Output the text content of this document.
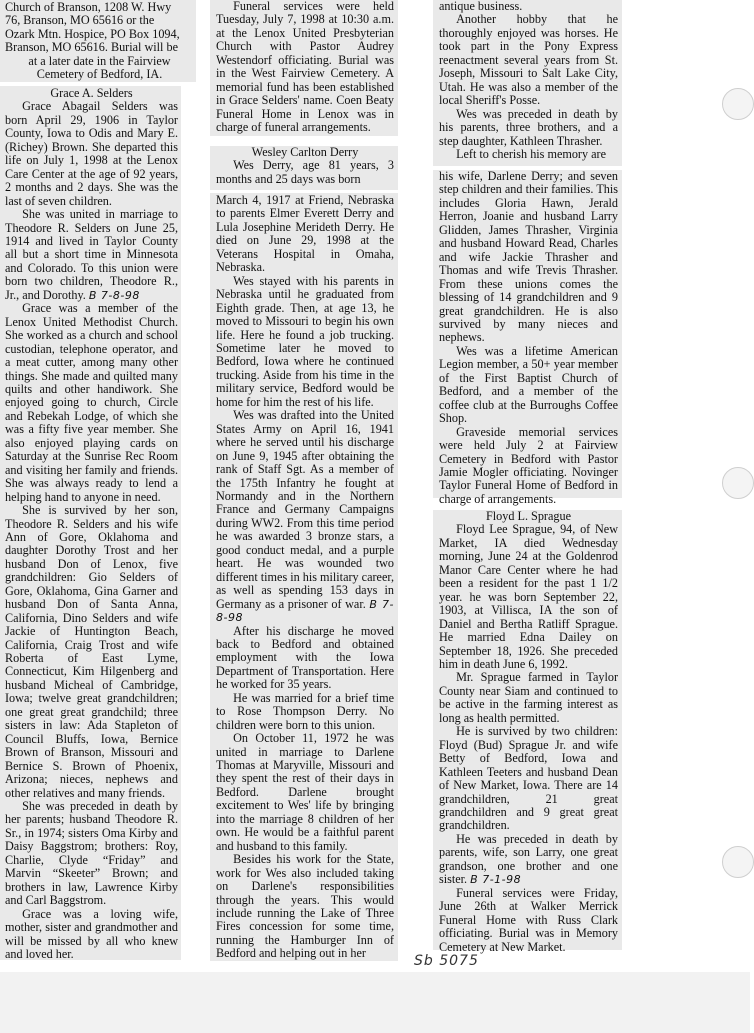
Church of Branson, 1208 W. Hwy

76, Branson, MO 65616 or the

Ozark Mtn. Hospice, PO Box 1094,

Branson, MO 65616. Burial will be

at a later date in the Fairview

Cemetery of Bedford, IA.

Grace A. Selders

Grace Abagail Selders was born April 29, 1906 in Taylor County, Iowa to Odis and Mary E. (Richey) Brown. She departed this life on July 1, 1998 at the Lenox Care Center at the age of 92 years, 2 months and 2 days. She was the last of seven children.

She was united in marriage to Theodore R. Selders on June 25, 1914 and lived in Taylor County all but a short time in Minnesota and Colorado. To this union were born two children, Theodore R., Jr., and Dorothy. B 7-8-98

Grace was a member of the Lenox United Methodist Church. She worked as a church and school custodian, telephone operator, and a meat cutter, among many other things. She made and quilted many quilts and other handiwork. She enjoyed going to church, Circle and Rebekah Lodge, of which she was a fifty five year member. She also enjoyed playing cards on Saturday at the Sunrise Rec Room and visiting her family and friends. She was always ready to lend a helping hand to anyone in need.

She is survived by her son, Theodore R. Selders and his wife Ann of Gore, Oklahoma and daughter Dorothy Trost and her husband Don of Lenox, five grandchildren: Gio Selders of Gore, Oklahoma, Gina Garner and husband Don of Santa Anna, California, Dino Selders and wife Jackie of Huntington Beach, California, Craig Trost and wife Roberta of East Lyme, Connecticut, Kim Hilgenberg and husband Micheal of Cambridge, Iowa; twelve great grandchildren; one great great grandchild; three sisters in law: Ada Stapleton of Council Bluffs, Iowa, Bernice Brown of Branson, Missouri and Bernice S. Brown of Phoenix, Arizona; nieces, nephews and other relatives and many friends.

She was preceded in death by her parents; husband Theodore R. Sr., in 1974; sisters Oma Kirby and Daisy Baggstrom; brothers: Roy, Charlie, Clyde “Friday” and Marvin “Skeeter” Brown; and brothers in law, Lawrence Kirby and Carl Baggstrom.

Grace was a loving wife, mother, sister and grandmother and will be missed by all who knew and loved her.

Funeral services were held Tuesday, July 7, 1998 at 10:30 a.m. at the Lenox United Presbyterian Church with Pastor Audrey Westendorf officiating. Burial was in the West Fairview Cemetery. A memorial fund has been established in Grace Selders' name. Coen Beaty Funeral Home in Lenox was in charge of funeral arrangements.

Wesley Carlton Derry

Wes Derry, age 81 years, 3 months and 25 days was born

March 4, 1917 at Friend, Nebraska to parents Elmer Everett Derry and Lula Josephine Merideth Derry. He died on June 29, 1998 at the Veterans Hospital in Omaha, Nebraska.

Wes stayed with his parents in Nebraska until he graduated from Eighth grade. Then, at age 13, he moved to Missouri to begin his own life. Here he found a job trucking. Sometime later he moved to Bedford, Iowa where he continued trucking. Aside from his time in the military service, Bedford would be home for him the rest of his life.

Wes was drafted into the United States Army on April 16, 1941 where he served until his discharge on June 9, 1945 after obtaining the rank of Staff Sgt. As a member of the 175th Infantry he fought at Normandy and in the Northern France and Germany Campaigns during WW2. From this time period he was awarded 3 bronze stars, a good conduct medal, and a purple heart. He was wounded two different times in his military career, as well as spending 153 days in Germany as a prisoner of war. B 7-8-98

After his discharge he moved back to Bedford and obtained employment with the Iowa Department of Transportation. Here he worked for 35 years.

He was married for a brief time to Rose Thompson Derry. No children were born to this union.

On October 11, 1972 he was united in marriage to Darlene Thomas at Maryville, Missouri and they spent the rest of their days in Bedford. Darlene brought excitement to Wes' life by bringing into the marriage 8 children of her own. He would be a faithful parent and husband to this family.

Besides his work for the State, work for Wes also included taking on Darlene's responsibilities through the years. This would include running the Lake of Three Fires concession for some time, running the Hamburger Inn of Bedford and helping out in her

antique business.

Another hobby that he thoroughly enjoyed was horses. He took part in the Pony Express reenactment several years from St. Joseph, Missouri to Salt Lake City, Utah. He was also a member of the local Sheriff's Posse.

Wes was preceded in death by his parents, three brothers, and a step daughter, Kathleen Thrasher.

Left to cherish his memory are

his wife, Darlene Derry; and seven step children and their families. This includes Gloria Hawn, Jerald Herron, Joanie and husband Larry Glidden, James Thrasher, Virginia and husband Howard Read, Charles and wife Jackie Thrasher and Thomas and wife Trevis Thrasher. From these unions comes the blessing of 14 grandchildren and 9 great grandchildren. He is also survived by many nieces and nephews.

Wes was a lifetime American Legion member, a 50+ year member of the First Baptist Church of Bedford, and a member of the coffee club at the Burroughs Coffee Shop.

Graveside memorial services were held July 2 at Fairview Cemetery in Bedford with Pastor Jamie Mogler officiating. Novinger Taylor Funeral Home of Bedford in charge of arrangements.

Floyd L. Sprague

Floyd Lee Sprague, 94, of New Market, IA died Wednesday morning, June 24 at the Goldenrod Manor Care Center where he had been a resident for the past 1 1/2 year. he was born September 22, 1903, at Villisca, IA the son of Daniel and Bertha Ratliff Sprague. He married Edna Dailey on September 18, 1926. She preceded him in death June 6, 1992.

Mr. Sprague farmed in Taylor County near Siam and continued to be active in the farming interest as long as health permitted.

He is survived by two children: Floyd (Bud) Sprague Jr. and wife Betty of Bedford, Iowa and Kathleen Teeters and husband Dean of New Market, Iowa. There are 14 grandchildren, 21 great grandchildren and 9 great great grandchildren.

He was preceded in death by parents, wife, son Larry, one great grandson, one brother and one sister. B 7-1-98

Funeral services were Friday, June 26th at Walker Merrick Funeral Home with Russ Clark officiating. Burial was in Memory Cemetery at New Market.

Sb 5075
